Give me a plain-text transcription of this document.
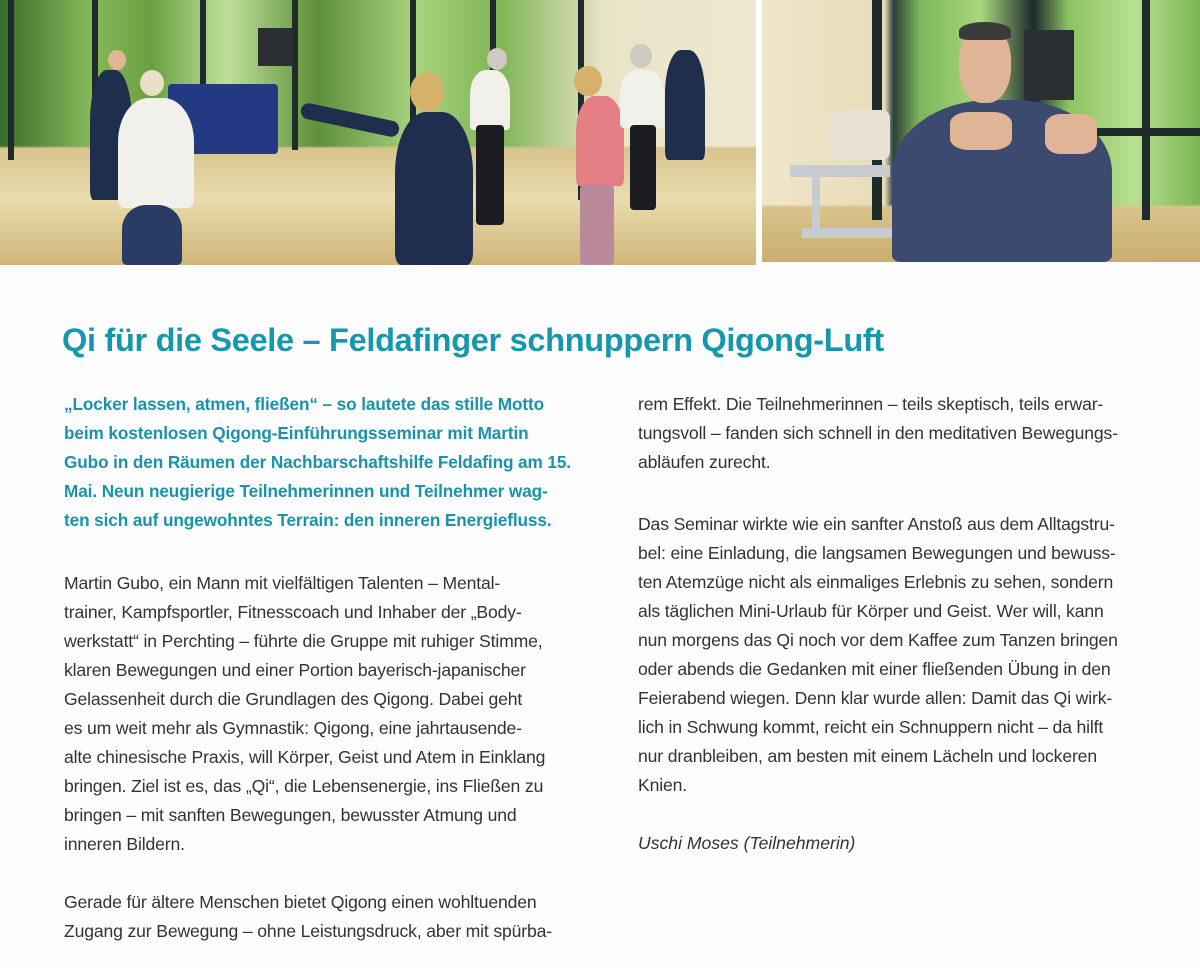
Qi für die Seele – Feldafinger schnuppern Qigong-Luft

„Locker lassen, atmen, fließen“ – so lautete das stille Motto
beim kostenlosen Qigong-Einführungsseminar mit Martin
Gubo in den Räumen der Nachbarschaftshilfe Feldafing am 15.
Mai. Neun neugierige Teilnehmerinnen und Teilnehmer wag-
ten sich auf ungewohntes Terrain: den inneren Energiefluss.

Martin Gubo, ein Mann mit vielfältigen Talenten – Mental-
trainer, Kampfsportler, Fitnesscoach und Inhaber der „Body-
werkstatt“ in Perchting – führte die Gruppe mit ruhiger Stimme,
klaren Bewegungen und einer Portion bayerisch-japanischer
Gelassenheit durch die Grundlagen des Qigong. Dabei geht
es um weit mehr als Gymnastik: Qigong, eine jahrtausende-
alte chinesische Praxis, will Körper, Geist und Atem in Einklang
bringen. Ziel ist es, das „Qi“, die Lebensenergie, ins Fließen zu
bringen – mit sanften Bewegungen, bewusster Atmung und
inneren Bildern.

Gerade für ältere Menschen bietet Qigong einen wohltuenden
Zugang zur Bewegung – ohne Leistungsdruck, aber mit spürba-

rem Effekt. Die Teilnehmerinnen – teils skeptisch, teils erwar-
tungsvoll – fanden sich schnell in den meditativen Bewegungs-
abläufen zurecht.

Das Seminar wirkte wie ein sanfter Anstoß aus dem Alltagstru-
bel: eine Einladung, die langsamen Bewegungen und bewuss-
ten Atemzüge nicht als einmaliges Erlebnis zu sehen, sondern
als täglichen Mini-Urlaub für Körper und Geist. Wer will, kann
nun morgens das Qi noch vor dem Kaffee zum Tanzen bringen
oder abends die Gedanken mit einer fließenden Übung in den
Feierabend wiegen. Denn klar wurde allen: Damit das Qi wirk-
lich in Schwung kommt, reicht ein Schnuppern nicht – da hilft
nur dranbleiben, am besten mit einem Lächeln und lockeren
Knien.

Uschi Moses (Teilnehmerin)
